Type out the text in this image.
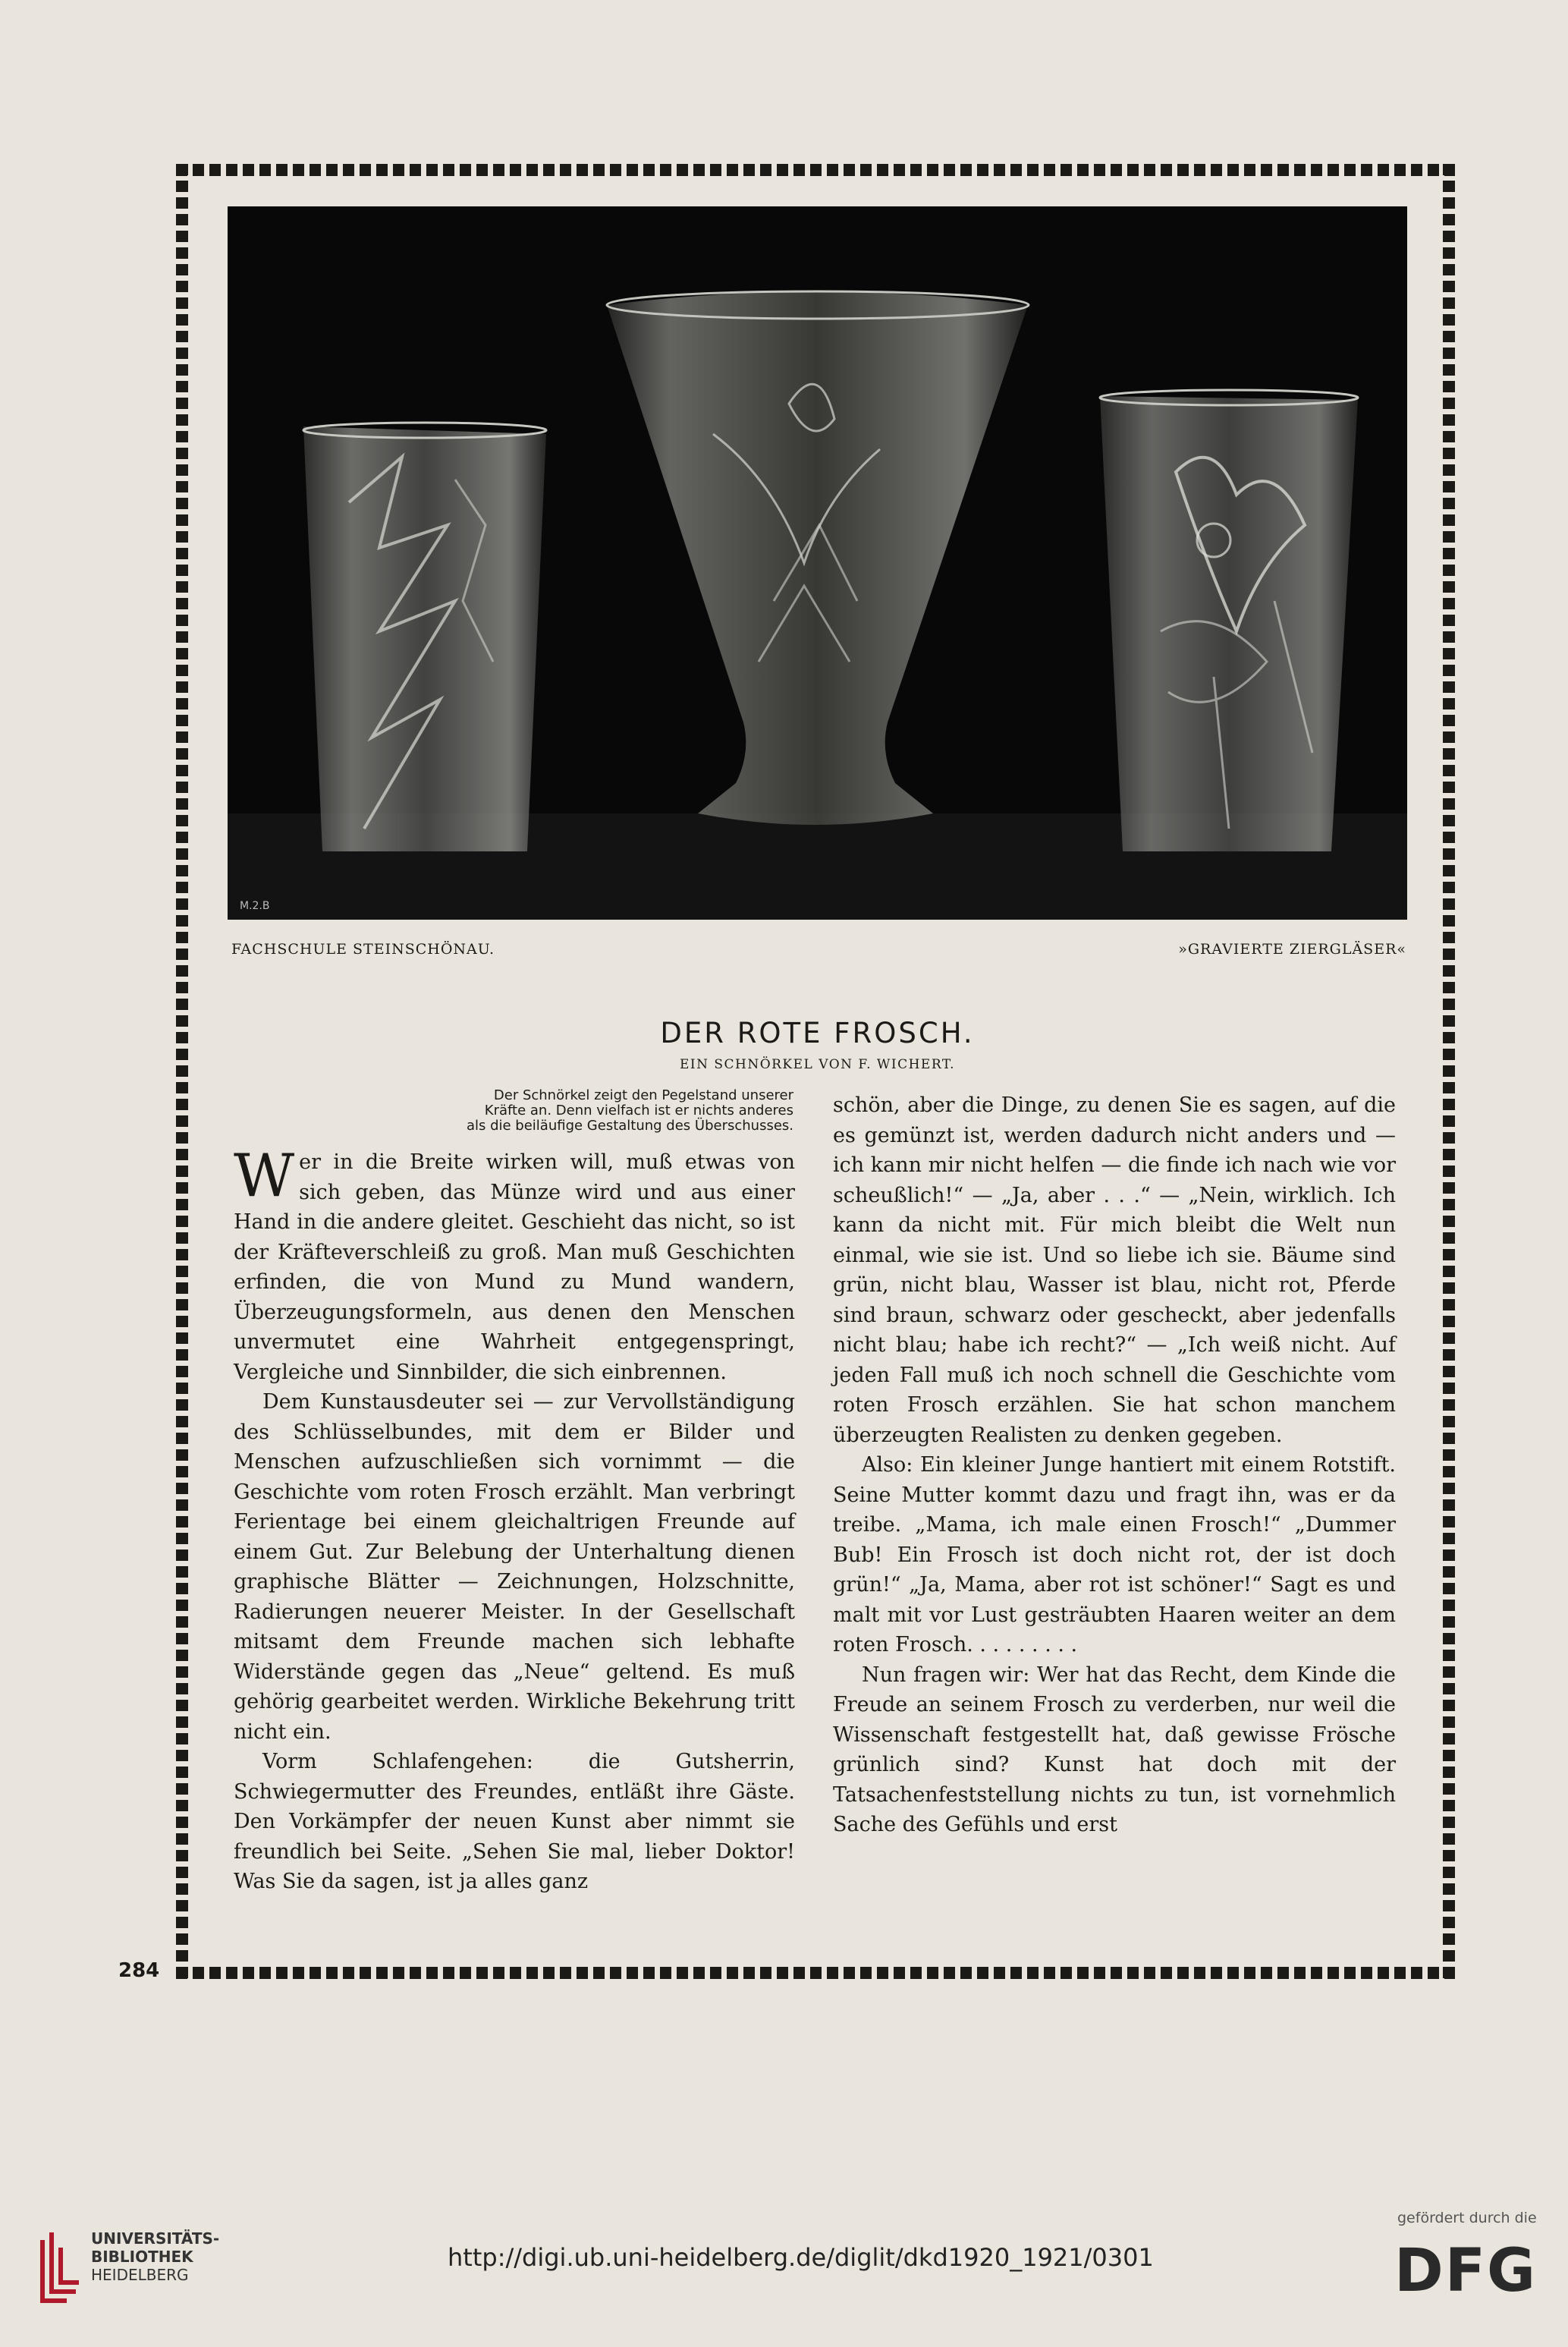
M.2.B
FACHSCHULE STEINSCHÖNAU.	»GRAVIERTE ZIERGLÄSER«
DER ROTE FROSCH.
EIN SCHNÖRKEL VON F. WICHERT.
Der Schnörkel zeigt den Pegelstand unserer
Kräfte an. Denn vielfach ist er nichts anderes
als die beiläufige Gestaltung des Überschusses.

Wer in die Breite wirken will, muß etwas von sich geben, das Münze wird und aus einer Hand in die andere gleitet. Geschieht das nicht, so ist der Kräfteverschleiß zu groß. Man muß Geschichten erfinden, die von Mund zu Mund wandern, Überzeugungsformeln, aus denen den Menschen unvermutet eine Wahrheit entgegenspringt, Vergleiche und Sinnbilder, die sich einbrennen.

Dem Kunstausdeuter sei — zur Vervollständigung des Schlüsselbundes, mit dem er Bilder und Menschen aufzuschließen sich vornimmt — die Geschichte vom roten Frosch erzählt. Man verbringt Ferientage bei einem gleichaltrigen Freunde auf einem Gut. Zur Belebung der Unterhaltung dienen graphische Blätter — Zeichnungen, Holzschnitte, Radierungen neuerer Meister. In der Gesellschaft mitsamt dem Freunde machen sich lebhafte Widerstände gegen das „Neue“ geltend. Es muß gehörig gearbeitet werden. Wirkliche Bekehrung tritt nicht ein.

Vorm Schlafengehen: die Gutsherrin, Schwiegermutter des Freundes, entläßt ihre Gäste. Den Vorkämpfer der neuen Kunst aber nimmt sie freundlich bei Seite. „Sehen Sie mal, lieber Doktor! Was Sie da sagen, ist ja alles ganz

schön, aber die Dinge, zu denen Sie es sagen, auf die es gemünzt ist, werden dadurch nicht anders und — ich kann mir nicht helfen — die finde ich nach wie vor scheußlich!“ — „Ja, aber . . .“ — „Nein, wirklich. Ich kann da nicht mit. Für mich bleibt die Welt nun einmal, wie sie ist. Und so liebe ich sie. Bäume sind grün, nicht blau, Wasser ist blau, nicht rot, Pferde sind braun, schwarz oder gescheckt, aber jedenfalls nicht blau; habe ich recht?“ — „Ich weiß nicht. Auf jeden Fall muß ich noch schnell die Geschichte vom roten Frosch erzählen. Sie hat schon manchem überzeugten Realisten zu denken gegeben.

Also: Ein kleiner Junge hantiert mit einem Rotstift. Seine Mutter kommt dazu und fragt ihn, was er da treibe. „Mama, ich male einen Frosch!“ „Dummer Bub! Ein Frosch ist doch nicht rot, der ist doch grün!“ „Ja, Mama, aber rot ist schöner!“ Sagt es und malt mit vor Lust gesträubten Haaren weiter an dem roten Frosch. . . . . . . . .

Nun fragen wir: Wer hat das Recht, dem Kinde die Freude an seinem Frosch zu verderben, nur weil die Wissenschaft festgestellt hat, daß gewisse Frösche grünlich sind? Kunst hat doch mit der Tatsachenfeststellung nichts zu tun, ist vornehmlich Sache des Gefühls und erst

284
UNIVERSITÄTS-
BIBLIOTHEK
HEIDELBERG
http://digi.ub.uni-heidelberg.de/diglit/dkd1920_1921/0301
gefördert durch die
DFG
